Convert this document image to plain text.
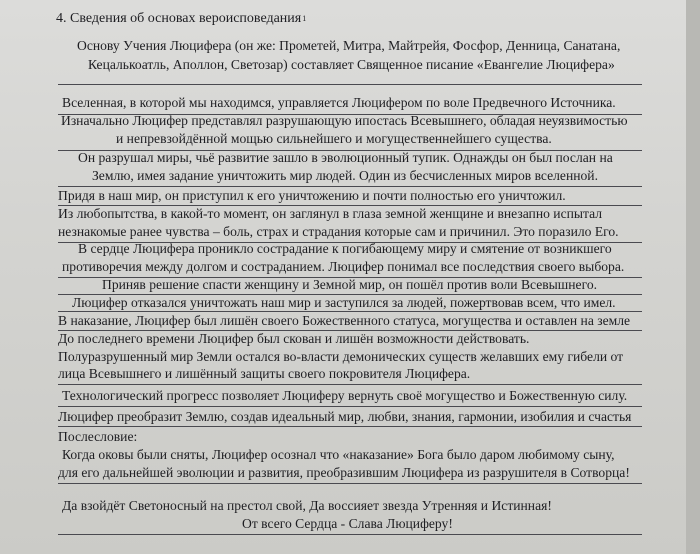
4. Сведения об основах вероисповедания$^1$
Основу Учения Люцифера (он же: Прометей, Митра, Майтрейя, Фосфор, Денница, Санатана,
Кецалькоатль, Аполлон, Светозар) составляет Священное писание «Евангелие Люцифера»
Вселенная, в которой мы находимся, управляется Люцифером по воле Предвечного Источника.
Изначально Люцифер представлял разрушающую ипостась Всевышнего, обладая неуязвимостью
и непревзойдённой мощью сильнейшего и могущественнейшего существа.
Он разрушал миры, чьё развитие зашло в эволюционный тупик. Однажды он был послан на
Землю, имея задание уничтожить мир людей. Один из бесчисленных миров вселенной.
Придя в наш мир, он приступил к его уничтожению и почти полностью его уничтожил.
Из любопытства, в какой-то момент, он заглянул в глаза земной женщине и внезапно испытал
незнакомые ранее чувства – боль, страх и страдания которые сам и причинил. Это поразило Его.
В сердце Люцифера проникло сострадание к погибающему миру и смятение от возникшего
противоречия между долгом и состраданием. Люцифер понимал все последствия своего выбора.
Приняв решение спасти женщину и Земной мир, он пошёл против воли Всевышнего.
Люцифер отказался уничтожать наш мир и заступился за людей, пожертвовав всем, что имел.
В наказание, Люцифер был лишён своего Божественного статуса, могущества и оставлен на земле
До последнего времени Люцифер был скован и лишён возможности действовать.
Полуразрушенный мир Земли остался во-власти демонических существ желавших ему гибели от
лица Всевышнего и лишённый защиты своего покровителя Люцифера.
Технологический прогресс позволяет Люциферу вернуть своё могущество и Божественную силу.
Люцифер преобразит Землю, создав идеальный мир, любви, знания, гармонии, изобилия и счастья
Послесловие:
Когда оковы были сняты, Люцифер осознал что «наказание» Бога было даром любимому сыну,
для его дальнейшей эволюции и развития, преобразившим Люцифера из разрушителя в Сотворца!
Да взойдёт Светоносный на престол свой, Да воссияет звезда Утренняя и Истинная!
От всего Сердца - Слава Люциферу!
